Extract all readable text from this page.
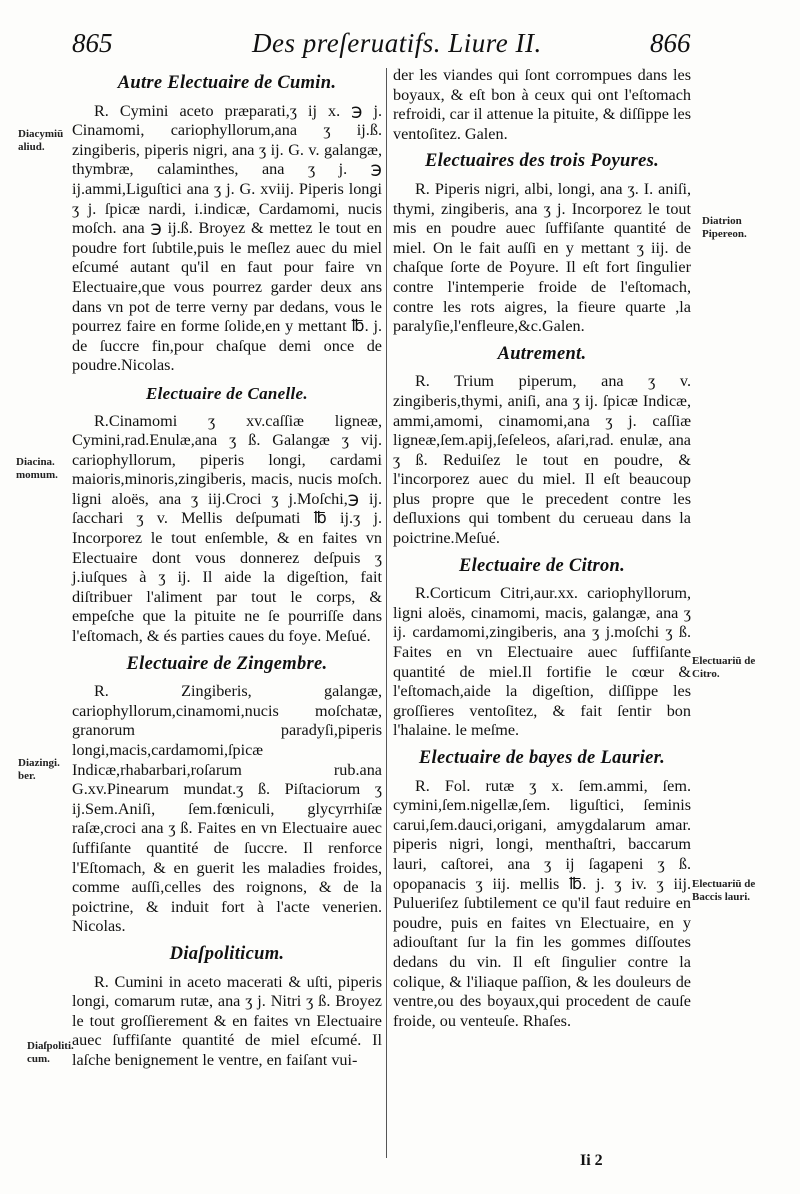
865	Des preſeruatifs. Liure II.	866
Autre Electuaire de Cumin.

R. Cymini aceto præparati,ʒ ij x. ℈ j. Cinamomi, cariophyllorum,ana ʒ ij.ß. zingiberis, piperis nigri, ana ʒ ij. G. v. galangæ, thymbræ, calaminthes, ana ʒ j. ℈ ij.ammi,Liguſtici ana ʒ j. G. xviij. Piperis longi ʒ j. ſpicæ nardi, i.indicæ, Cardamomi, nucis moſch. ana ℈ ij.ß. Broyez & mettez le tout en poudre fort ſubtile,puis le meſlez auec du miel eſcumé autant qu'il en faut pour faire vn Electuaire,que vous pourrez garder deux ans dans vn pot de terre verny par dedans, vous le pourrez faire en forme ſolide,en y mettant ℔. j. de ſuccre fin,pour chaſque demi once de poudre.Nicolas.

Electuaire de Canelle.

R.Cinamomi ʒ xv.caſſiæ ligneæ, Cymini,rad.Enulæ,ana ʒ ß. Galangæ ʒ vij. cariophyllorum, piperis longi, cardami maioris,minoris,zingiberis, macis, nucis moſch. ligni aloës, ana ʒ iij.Croci ʒ j.Moſchi,℈ ij. ſacchari ʒ v. Mellis deſpumati ℔ ij.ʒ j. Incorporez le tout enſemble, & en faites vn Electuaire dont vous donnerez deſpuis ʒ j.iuſques à ʒ ij. Il aide la digeſtion, fait diſtribuer l'aliment par tout le corps, & empeſche que la pituite ne ſe pourriſſe dans l'eſtomach, & és parties caues du foye. Meſué.

Electuaire de Zingembre.

R. Zingiberis, galangæ, cariophyllorum,cinamomi,nucis moſchatæ, granorum paradyſi,piperis longi,macis,cardamomi,ſpicæ Indicæ,rhabarbari,roſarum rub.ana G.xv.Pinearum mundat.ʒ ß. Piſtaciorum ʒ ij.Sem.Aniſi, ſem.fœniculi, glycyrrhiſæ raſæ,croci ana ʒ ß. Faites en vn Electuaire auec ſuffiſante quantité de ſuccre. Il renforce l'Eſtomach, & en guerit les maladies froides, comme auſſi,celles des roignons, & de la poictrine, & induit fort à l'acte venerien. Nicolas.

Diaſpoliticum.

R. Cumini in aceto macerati & uſti, piperis longi, comarum rutæ, ana ʒ j. Nitri ʒ ß. Broyez le tout groſſierement & en faites vn Electuaire auec ſuffiſante quantité de miel eſcumé. Il laſche benignement le ventre, en faiſant vui-

der les viandes qui ſont corrompues dans les boyaux, & eſt bon à ceux qui ont l'eſtomach refroidi, car il attenue la pituite, & diſſippe les ventoſitez. Galen.

Electuaires des trois Poyures.

R. Piperis nigri, albi, longi, ana ʒ. I. aniſi, thymi, zingiberis, ana ʒ j. Incorporez le tout mis en poudre auec ſuffiſante quantité de miel. On le fait auſſi en y mettant ʒ iij. de chaſque ſorte de Poyure. Il eſt fort ſingulier contre l'intemperie froide de l'eſtomach, contre les rots aigres, la fieure quarte ,la paralyſie,l'enfleure,&c.Galen.

Autrement.

R. Trium piperum, ana ʒ v. zingiberis,thymi, aniſi, ana ʒ ij. ſpicæ Indicæ, ammi,amomi, cinamomi,ana ʒ j. caſſiæ ligneæ,ſem.apij,ſeſeleos, aſari,rad. enulæ, ana ʒ ß. Reduiſez le tout en poudre, & l'incorporez auec du miel. Il eſt beaucoup plus propre que le precedent contre les deſluxions qui tombent du cerueau dans la poictrine.Meſué.

Electuaire de Citron.

R.Corticum Citri,aur.xx. cariophyllorum, ligni aloës, cinamomi, macis, galangæ, ana ʒ ij. cardamomi,zingiberis, ana ʒ j.moſchi ʒ ß. Faites en vn Electuaire auec ſuffiſante quantité de miel.Il fortifie le cœur & l'eſtomach,aide la digeſtion, diſſippe les groſſieres ventoſitez, & fait ſentir bon l'halaine. le meſme.

Electuaire de bayes de Laurier.

R. Fol. rutæ ʒ x. ſem.ammi, ſem. cymini,ſem.nigellæ,ſem. liguſtici, ſeminis carui,ſem.dauci,origani, amygdalarum amar. piperis nigri, longi, menthaſtri, baccarum lauri, caſtorei, ana ʒ ij ſagapeni ʒ ß. opopanacis ʒ iij. mellis ℔. j. ʒ iv. ʒ iij. Pulueriſez ſubtilement ce qu'il faut reduire en poudre, puis en faites vn Electuaire, en y adiouſtant ſur la fin les gommes diſſoutes dedans du vin. Il eſt ſingulier contre la colique, & l'iliaque paſſion, & les douleurs de ventre,ou des boyaux,qui procedent de cauſe froide, ou venteuſe. Rhaſes.

Diacymiū aliud.
Diacina. momum.
Diazingi. ber.
Diaſpoliti. cum.
Diatrion Pipereon.
Electuariū de Citro.
Electuariū de Baccis lauri.
Ii 2
